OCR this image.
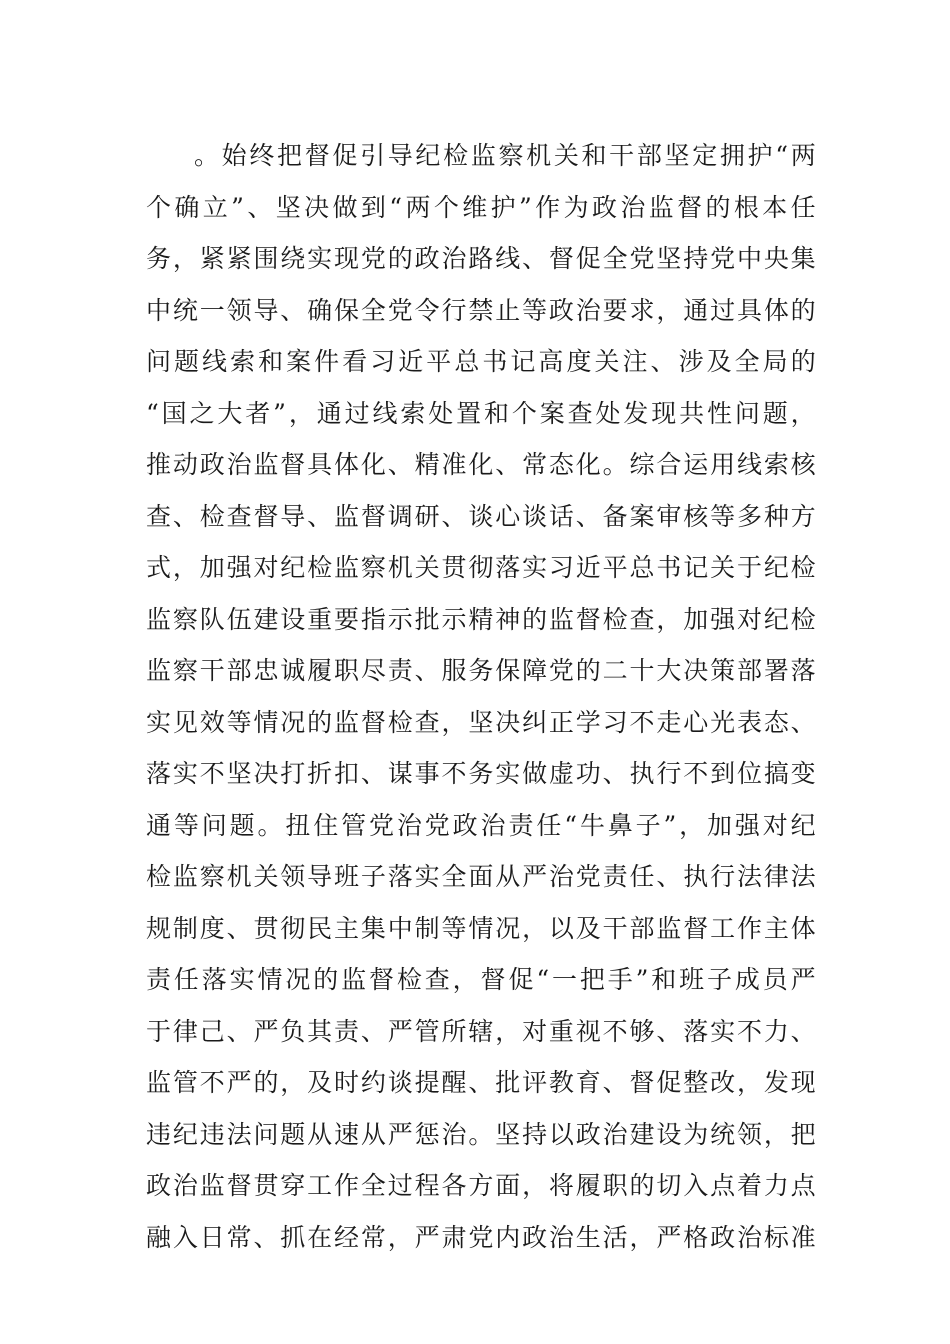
。始终把督促引导纪检监察机关和干部坚定拥护“两
个确立”、坚决做到“两个维护”作为政治监督的根本任
务，紧紧围绕实现党的政治路线、督促全党坚持党中央集
中统一领导、确保全党令行禁止等政治要求，通过具体的
问题线索和案件看习近平总书记高度关注、涉及全局的
“国之大者”，通过线索处置和个案查处发现共性问题，
推动政治监督具体化、精准化、常态化。综合运用线索核
查、检查督导、监督调研、谈心谈话、备案审核等多种方
式，加强对纪检监察机关贯彻落实习近平总书记关于纪检
监察队伍建设重要指示批示精神的监督检查，加强对纪检
监察干部忠诚履职尽责、服务保障党的二十大决策部署落
实见效等情况的监督检查，坚决纠正学习不走心光表态、
落实不坚决打折扣、谋事不务实做虚功、执行不到位搞变
通等问题。扭住管党治党政治责任“牛鼻子”，加强对纪
检监察机关领导班子落实全面从严治党责任、执行法律法
规制度、贯彻民主集中制等情况，以及干部监督工作主体
责任落实情况的监督检查，督促“一把手”和班子成员严
于律己、严负其责、严管所辖，对重视不够、落实不力、
监管不严的，及时约谈提醒、批评教育、督促整改，发现
违纪违法问题从速从严惩治。坚持以政治建设为统领，把
政治监督贯穿工作全过程各方面，将履职的切入点着力点
融入日常、抓在经常，严肃党内政治生活，严格政治标准
